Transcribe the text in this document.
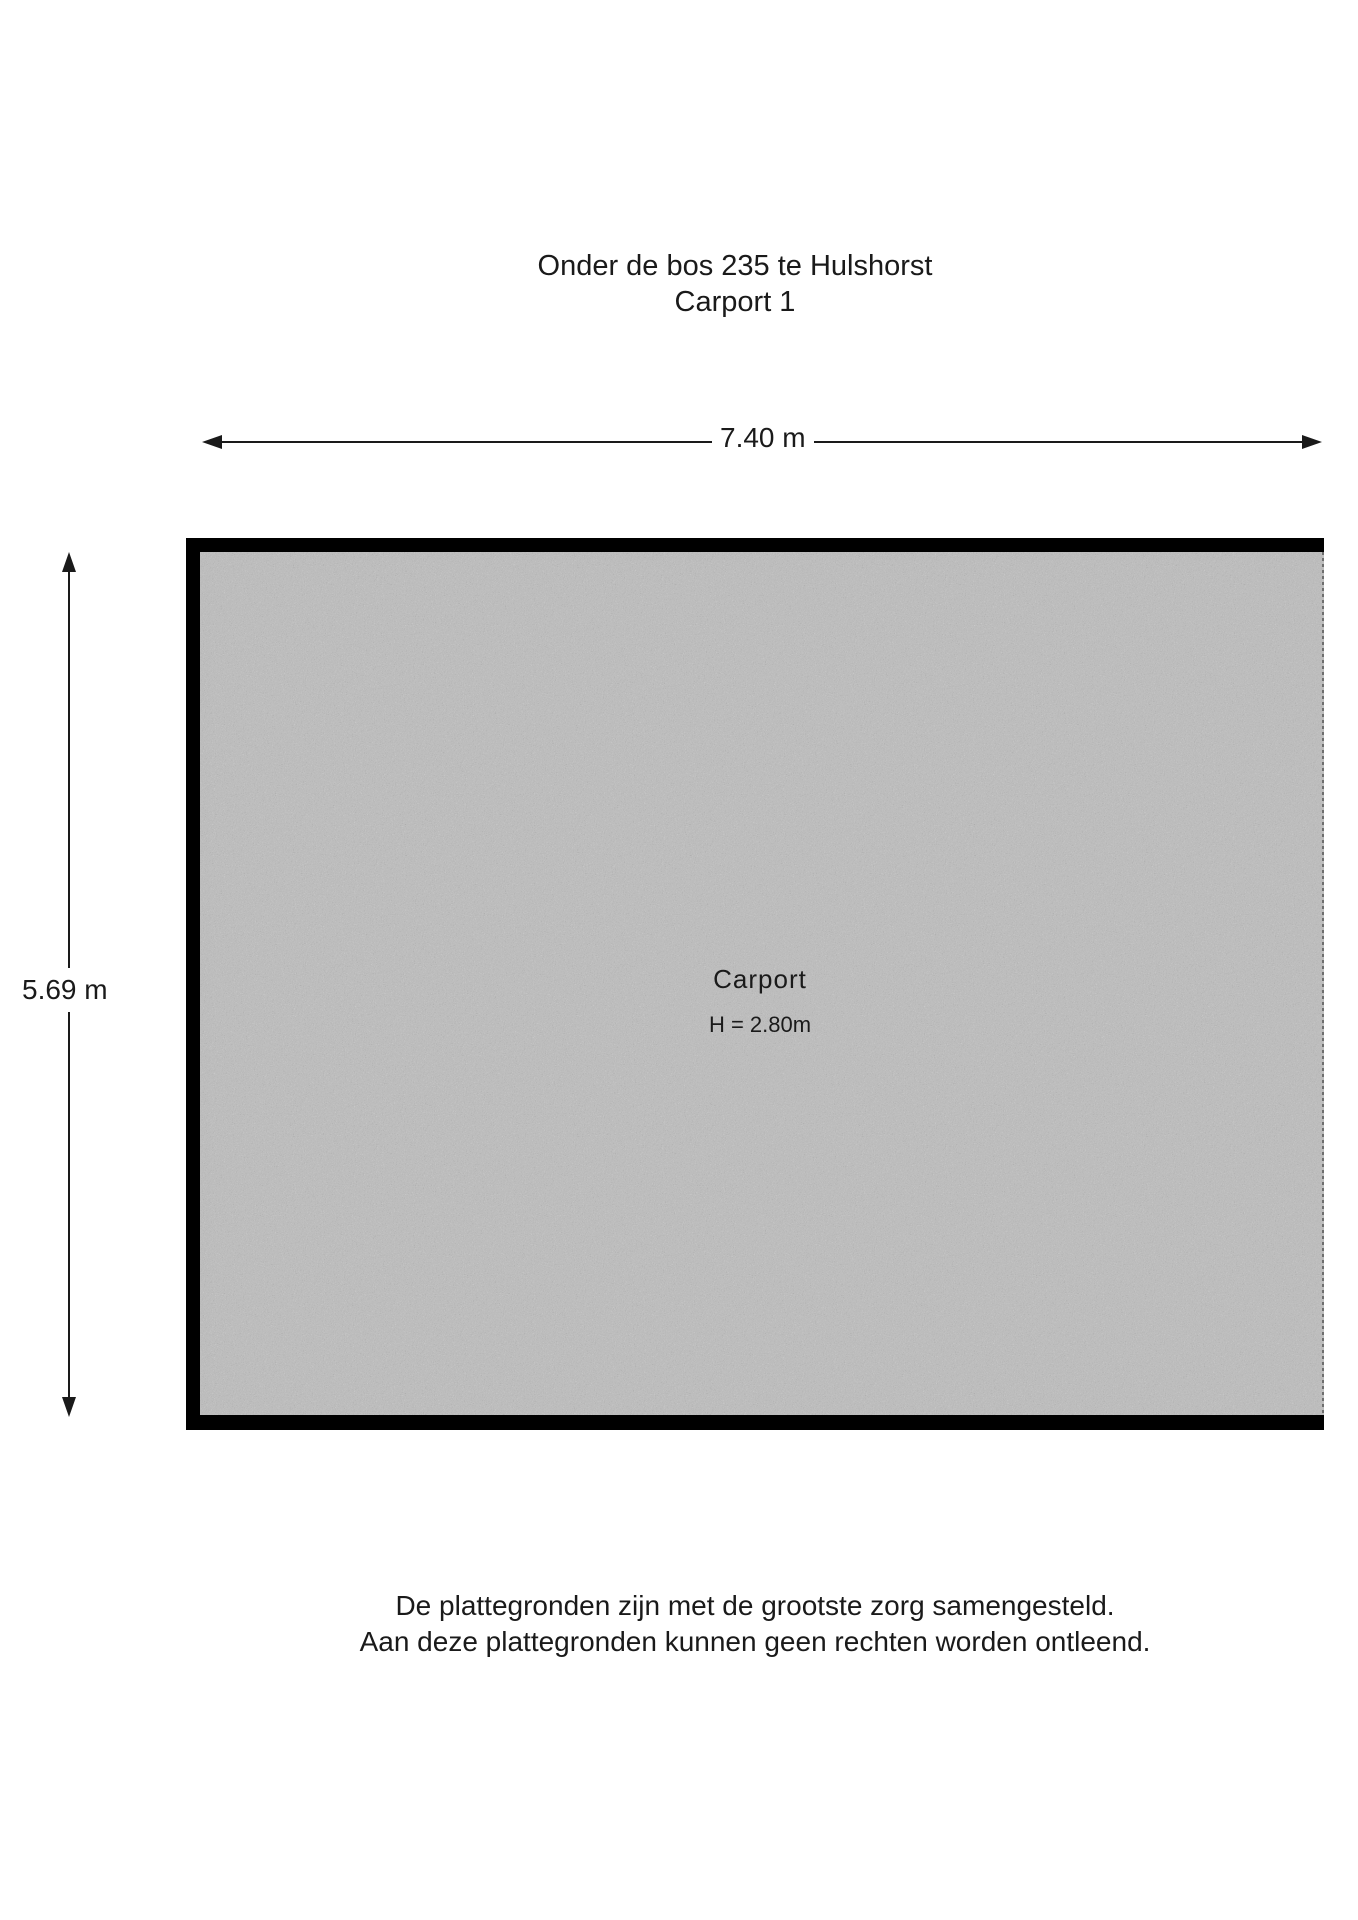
Onder de bos 235 te Hulshorst
Carport 1
7.40 m
5.69 m	Carport
H = 2.80m
De plattegronden zijn met de grootste zorg samengesteld.
Aan deze plattegronden kunnen geen rechten worden ontleend.
